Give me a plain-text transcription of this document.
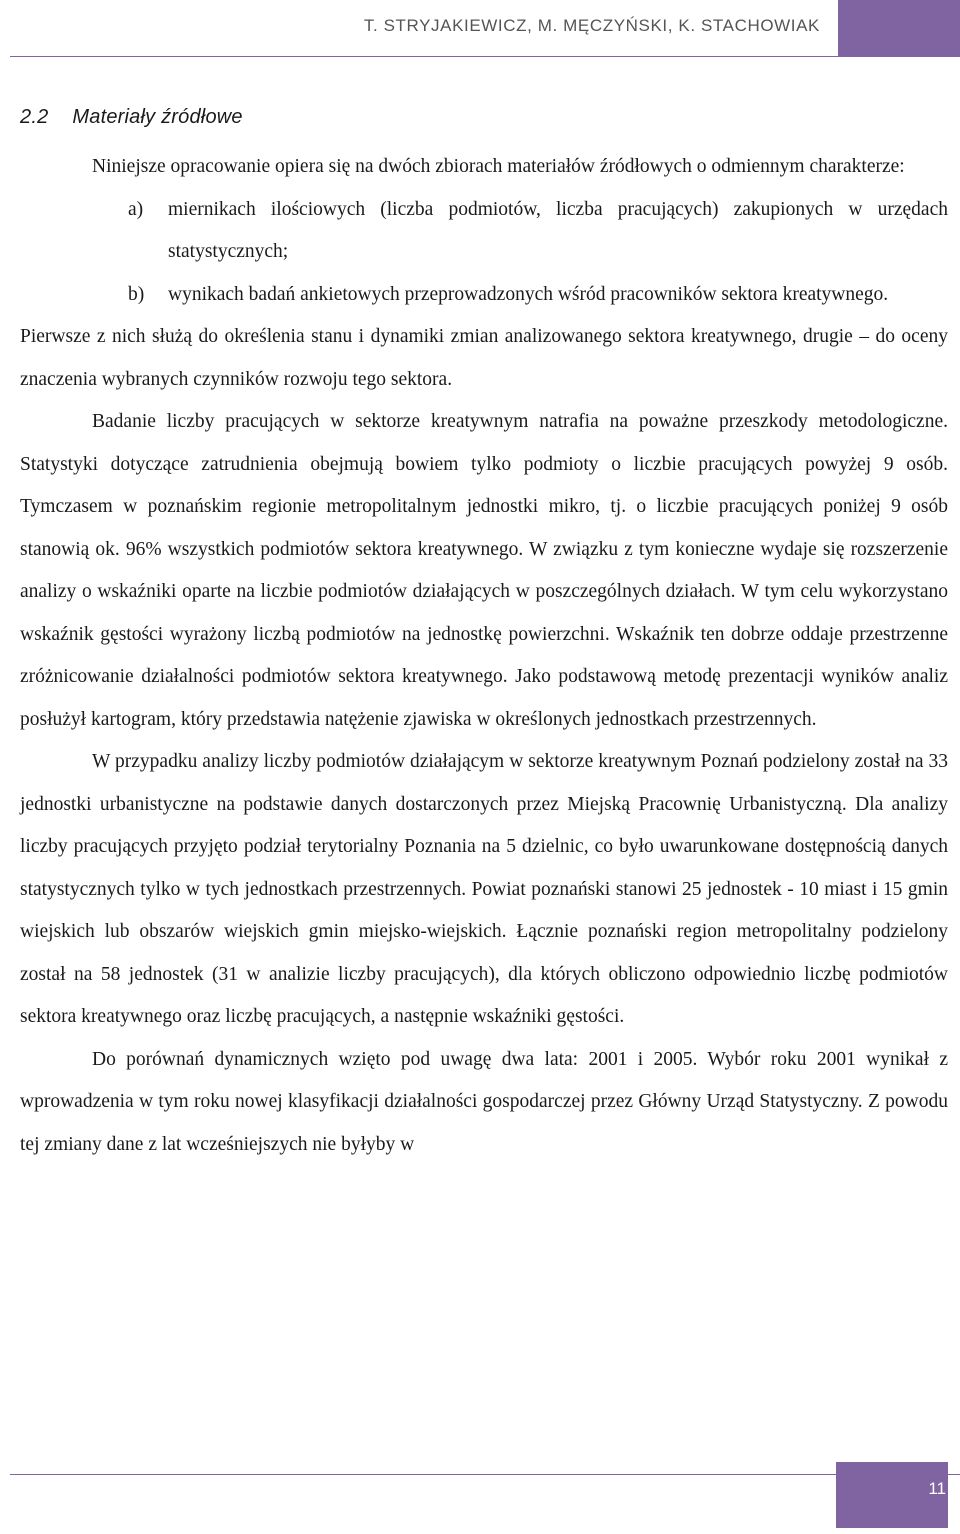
T. STRYJAKIEWICZ, M. MĘCZYŃSKI, K. STACHOWIAK
2.2 Materiały źródłowe

Niniejsze opracowanie opiera się na dwóch zbiorach materiałów źródłowych o odmiennym charakterze:

a) miernikach ilościowych (liczba podmiotów, liczba pracujących) zakupionych w urzędach statystycznych;
b) wynikach badań ankietowych przeprowadzonych wśród pracowników sektora kreatywnego.

Pierwsze z nich służą do określenia stanu i dynamiki zmian analizowanego sektora kreatywnego, drugie – do oceny znaczenia wybranych czynników rozwoju tego sektora.

Badanie liczby pracujących w sektorze kreatywnym natrafia na poważne przeszkody metodologiczne. Statystyki dotyczące zatrudnienia obejmują bowiem tylko podmioty o liczbie pracujących powyżej 9 osób. Tymczasem w poznańskim regionie metropolitalnym jednostki mikro, tj. o liczbie pracujących poniżej 9 osób stanowią ok. 96% wszystkich podmiotów sektora kreatywnego. W związku z tym konieczne wydaje się rozszerzenie analizy o wskaźniki oparte na liczbie podmiotów działających w poszczególnych działach. W tym celu wykorzystano wskaźnik gęstości wyrażony liczbą podmiotów na jednostkę powierzchni. Wskaźnik ten dobrze oddaje przestrzenne zróżnicowanie działalności podmiotów sektora kreatywnego. Jako podstawową metodę prezentacji wyników analiz posłużył kartogram, który przedstawia natężenie zjawiska w określonych jednostkach przestrzennych.

W przypadku analizy liczby podmiotów działającym w sektorze kreatywnym Poznań podzielony został na 33 jednostki urbanistyczne na podstawie danych dostarczonych przez Miejską Pracownię Urbanistyczną. Dla analizy liczby pracujących przyjęto podział terytorialny Poznania na 5 dzielnic, co było uwarunkowane dostępnością danych statystycznych tylko w tych jednostkach przestrzennych. Powiat poznański stanowi 25 jednostek - 10 miast i 15 gmin wiejskich lub obszarów wiejskich gmin miejsko-wiejskich. Łącznie poznański region metropolitalny podzielony został na 58 jednostek (31 w analizie liczby pracujących), dla których obliczono odpowiednio liczbę podmiotów sektora kreatywnego oraz liczbę pracujących, a następnie wskaźniki gęstości.

Do porównań dynamicznych wzięto pod uwagę dwa lata: 2001 i 2005. Wybór roku 2001 wynikał z wprowadzenia w tym roku nowej klasyfikacji działalności gospodarczej przez Główny Urząd Statystyczny. Z powodu tej zmiany dane z lat wcześniejszych nie byłyby w

11
